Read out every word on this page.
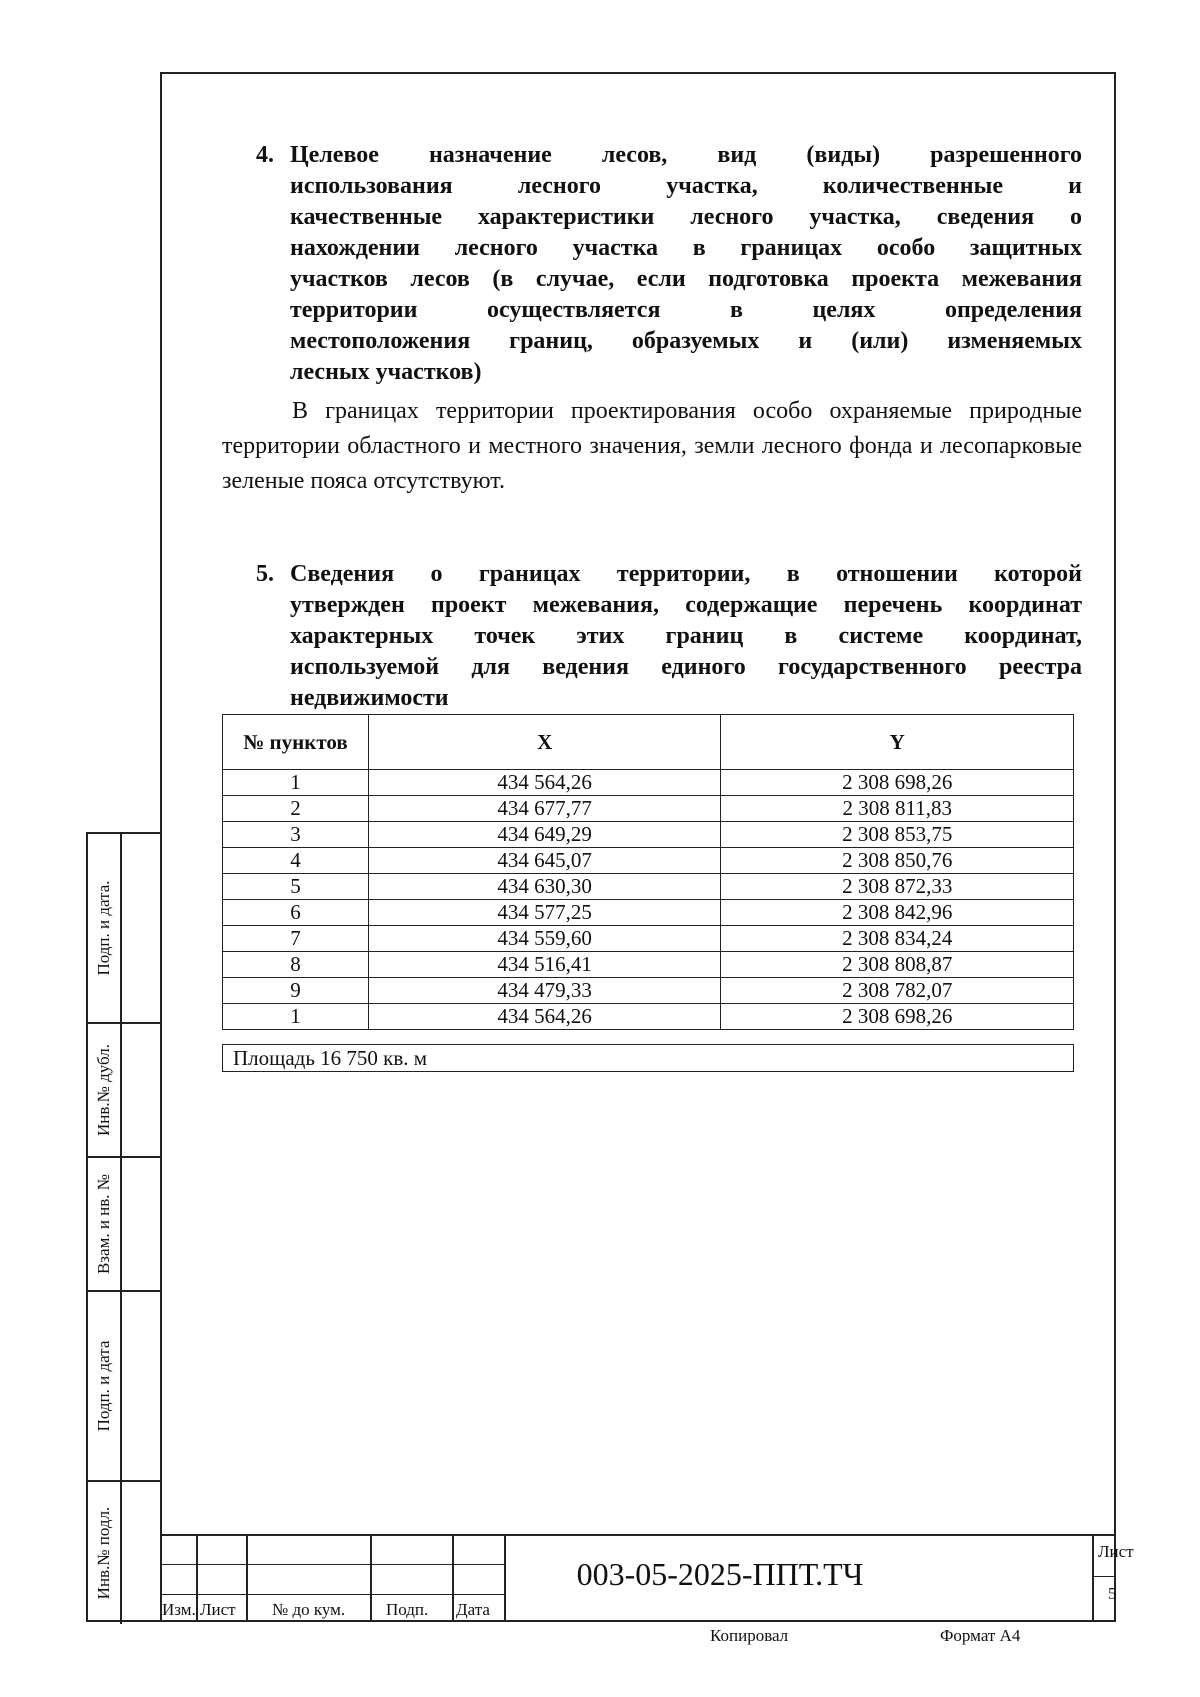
4. Целевое назначение лесов, вид (виды) разрешенного
использования лесного участка, количественные и
качественные характеристики лесного участка, сведения о
нахождении лесного участка в границах особо защитных
участков лесов (в случае, если подготовка проекта межевания
территории осуществляется в целях определения
местоположения границ, образуемых и (или) изменяемых
лесных участков)

В границах территории проектирования особо охраняемые природные территории областного и местного значения, земли лесного фонда и лесопарковые зеленые пояса отсутствуют.

5. Сведения о границах территории, в отношении которой
утвержден проект межевания, содержащие перечень координат
характерных точек этих границ в системе координат,
используемой для ведения единого государственного реестра
недвижимости
№ пунктов	X	Y
1	434 564,26	2 308 698,26
2	434 677,77	2 308 811,83
3	434 649,29	2 308 853,75
4	434 645,07	2 308 850,76
5	434 630,30	2 308 872,33
6	434 577,25	2 308 842,96
7	434 559,60	2 308 834,24
8	434 516,41	2 308 808,87
9	434 479,33	2 308 782,07
1	434 564,26	2 308 698,26
Площадь 16 750 кв. м
Подп. и дата.
Инв.№ дубл.
Взам. и нв. №
Подп. и дата
Инв.№ подл.
Изм. Лист № до кум. Подп. Дата
003-05-2025-ППТ.ТЧ
Лист
5
Копировал	Формат А4
